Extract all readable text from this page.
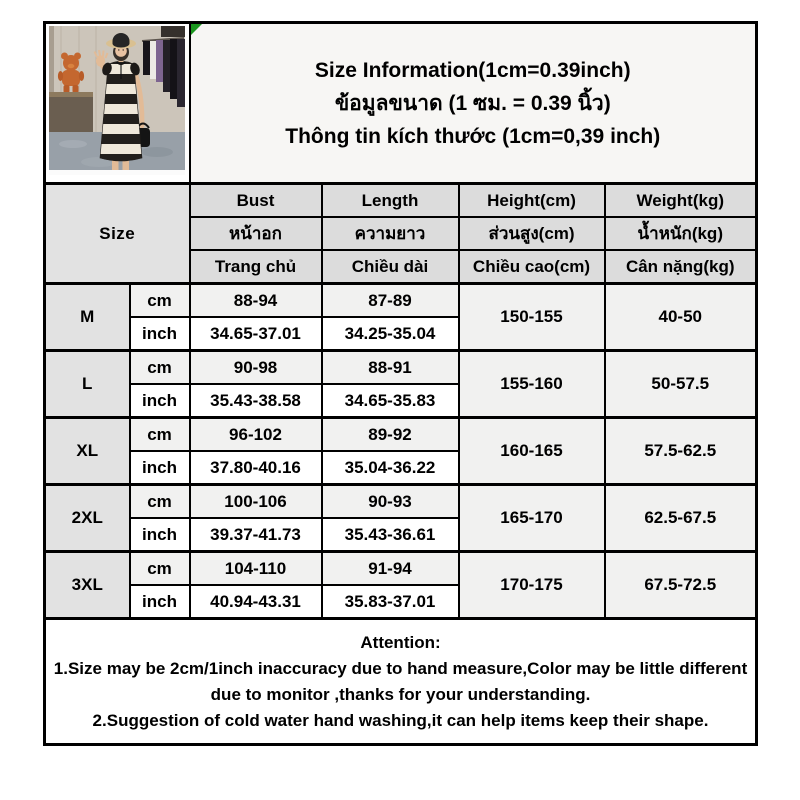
Size Information(1cm=0.39inch)
ข้อมูลขนาด (1 ซม. = 0.39 นิ้ว)
Thông tin kích thước (1cm=0,39 inch)			

Size		Bust	Length	Height(cm)	Weight(kg)
		หน้าอก	ความยาว	ส่วนสูง(cm)	น้ำหนัก(kg)
		Trang chủ	Chiều dài	Chiều cao(cm)	Cân nặng(kg)
M	cm	88-94	87-89	150-155	40-50
	inch	34.65-37.01	34.25-35.04		
L	cm	90-98	88-91	155-160	50-57.5
	inch	35.43-38.58	34.65-35.83		
XL	cm	96-102	89-92	160-165	57.5-62.5
	inch	37.80-40.16	35.04-36.22		
2XL	cm	100-106	90-93	165-170	62.5-67.5
	inch	39.37-41.73	35.43-36.61		
3XL	cm	104-110	91-94	170-175	67.5-72.5
	inch	40.94-43.31	35.83-37.01		

Attention:
1.Size may be 2cm/1inch inaccuracy due to hand measure,Color may be little different due to monitor ,thanks for your understanding.
2.Suggestion of cold water hand washing,it can help items keep their shape.					
